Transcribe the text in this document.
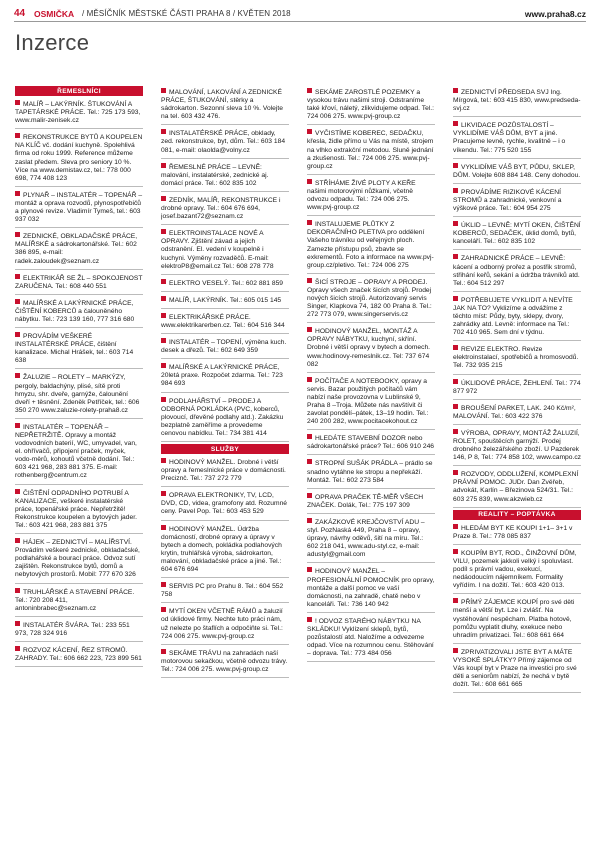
44 OSMIČKA / MĚSÍČNÍK MĚSTSKÉ ČÁSTI PRAHA 8 / KVĚTEN 2018	www.praha8.cz
Inzerce
ŘEMESLNÍCI
MALÍŘ – LAKÝRNÍK. ŠTUKOVÁNÍ A TAPETÁRSKÉ PRÁCE. Tel.: 725 173 593, www.malir-zenisek.cz
REKONSTRUKCE BYTŮ A KOUPELEN NA KLÍČ vč. dodání kuchyně. Spolehlivá firma od roku 1999. Reference můžeme zaslat předem. Sleva pro seniory 10 %. Více na www.demistav.cz, tel.: 778 000 698, 774 408 123
PLYNAŘ – INSTALATÉR – TOPENÁŘ – montáž a oprava rozvodů, plynospotřebičů a plynové revize. Vladimír Tymeš, tel.: 603 937 032
ZEDNICKÉ, OBKLADAČSKÉ PRÁCE, MALÍŘSKÉ a sádrokartonářské. Tel.: 602 386 895, e-mail: radek.zaloudek@seznam.cz
ELEKTRIKÁŘ SE ŽL – SPOKOJENOST ZARUČENA. Tel.: 608 440 551
MALÍŘSKÉ A LAKÝRNICKÉ PRÁCE, ČIŠTĚNÍ KOBERCŮ a čalouněného nábytku. Tel.: 723 139 160, 777 316 680
PROVÁDÍM VEŠKERÉ INSTALATÉRSKÉ PRÁCE, čištění kanalizace. Michal Hrášek, tel.: 603 714 638
ŽALUZIE – ROLETY – MARKÝZY, pergoly, baldachýny, plisé, sítě proti hmyzu, shr. dveře, garnýže, čalounění dveří + těsnění. Zdeněk Petříček, tel.: 606 350 270 www.zaluzie-rolety-praha8.cz
INSTALATÉR – TOPENÁŘ – NEPŘETRŽITĚ. Opravy a montáž vodovodních baterií, WC, umyvadel, van, el. ohřívačů, připojení praček, myček, vodo-měrů, kohoutů včetně dodání. Tel.: 603 421 968, 283 881 375. E-mail: rothenberg@centrum.cz
ČIŠTĚNÍ ODPADNÍHO POTRUBÍ A KANALIZACE, veškeré instalatérské práce, topenářské práce. Nepřetržitě! Rekonstrukce koupelen a bytových jader. Tel.: 603 421 968, 283 881 375
HÁJEK – ZEDNICTVÍ – MALÍŘSTVÍ. Provádím veškeré zednické, obkladačské, podlahářské a bourací práce. Odvoz sutí zajištěn. Rekonstrukce bytů, domů a nebytových prostorů. Mobil: 777 670 326
TRUHLÁŘSKÉ A STAVEBNÍ PRÁCE. Tel.: 720 208 411, antoninbrabec@seznam.cz
INSTALATÉR ŠVÁRA. Tel.: 233 551 973, 728 324 916
ROZVOZ KÁCENÍ, ŘEZ STROMŮ. ZAHRADY. Tel.: 606 662 223, 723 899 561
MALOVÁNÍ, LAKOVÁNÍ A ZEDNICKÉ PRÁCE, ŠTUKOVÁNÍ, stěrky a sádrokarton. Sezonní sleva 10 %. Volejte na tel. 603 432 476.
INSTALATÉRSKÉ PRÁCE, obklady, zed. rekonstrukce, byt, dům. Tel.: 603 184 081, e-mail: olaolda@volny.cz
ŘEMESLNÉ PRÁCE – LEVNĚ: malování, instalatérské, zednické aj. domácí práce. Tel.: 602 835 102
ZEDNÍK, MALÍŘ, REKONSTRUKCE i drobné opravy. Tel.: 604 676 694, josef.bazant72@seznam.cz
ELEKTROINSTALACE NOVÉ A OPRAVY. Zjištění závad a jejich odstranění. El. vedení v koupelně i kuchyni. Výměny rozvaděčů. E-mail: elektroP8@email.cz Tel.: 608 278 778
ELEKTRO VESELÝ. Tel.: 602 881 859
MALÍŘ, LAKÝRNÍK. Tel.: 605 015 145
ELEKTRIKÁŘSKÉ PRÁCE. www.elektrikarerben.cz. Tel.: 604 516 344
INSTALATÉR – TOPENÍ, výměna kuch. desek a dřezů. Tel.: 602 649 359
MALÍŘSKÉ A LAKÝRNICKÉ PRÁCE, 20letá praxe. Rozpočet zdarma. Tel.: 723 984 693
PODLAHÁŘSTVÍ – PRODEJ A ODBORNÁ POKLÁDKA (PVC, koberců, plovoucí, dřevěné podlahy atd.). Zakázku bezplatně zaměříme a provedeme cenovou nabídku. Tel.: 734 381 414
SLUŽBY
HODINOVÝ MANŽEL. Drobné i větší opravy a řemeslnické práce v domácnosti. Preciznč. Tel.: 737 272 779
OPRAVA ELEKTRONIKY, TV, LCD, DVD, CD, videa, gramofony atd. Rozumné ceny. Pavel Pop. Tel.: 603 453 529
HODINOVÝ MANŽEL. Údržba domácností, drobné opravy a úpravy v bytech a domech, pokládka podlahových krytin, truhlářská výroba, sádrokarton, malování, obkladačské práce a jiné. Tel.: 604 676 694
SERVIS PC pro Prahu 8. Tel.: 604 552 758
MYTÍ OKEN VČETNĚ RÁMŮ a žaluzií od úklidové firmy. Nechte tuto práci nám, už nelezte po štaflích a odpočiňte si. Tel.: 724 006 275. www.pvj-group.cz
SEKÁME TRÁVU na zahradách naší motorovou sekačkou, včetně odvozu trávy. Tel.: 724 006 275. www.pvj-group.cz
SEKÁME ZAROSTLÉ POZEMKY a vysokou trávu našimi stroji. Odstraníme také křoví, náletý, zlikvidujeme odpad. Tel.: 724 006 275. www.pvj-group.cz
VYČISTÍME KOBEREC, SEDAČKU, křesla, židle přímo u Vás na místě, strojem na vlhko extrakční metodou. Sluně jednání a zkušenosti. Tel.: 724 006 275. www.pvj-group.cz
STŘÍHÁME ŽIVÉ PLOTY A KEŘE našimi motorovými nůžkami, včetně odvozu odpadu. Tel.: 724 006 275. www.pvj-group.cz
INSTALUJEME PLŮTKY Z DEKORAČNÍHO PLETIVA pro oddělení Vašeho trávníku od veřejných ploch. Zamezte přístupu psů, zbavte se exkrementů. Foto a informace na www.pvj-group.cz/pletivo. Tel.: 724 006 275
ŠICÍ STROJE – OPRAVY A PRODEJ. Opravy všech značek šicích strojů. Prodej nových šicích strojů. Autorizovaný servis Singer, Klapkova 74, 182 00 Praha 8. Tel.: 272 773 079, www.singerservis.cz
HODINOVÝ MANŽEL, MONTÁŽ A OPRAVY NÁBYTKU, kuchyní, skříní. Drobné i větší opravy v bytech a domech. www.hodinovy-remeslnik.cz. Tel: 737 674 082
POČÍTAČE A NOTEBOOKY, opravy a servis. Bazar použitých počítačů vám nabízí naše provozovna v Lublinské 9, Praha 8 –Troja. Můžete nás navštívit či zavolat pondělí–pátek, 13–19 hodin. Tel.: 240 200 282, www.pocitacekohout.cz
HLEDÁTE STAVEBNÍ DOZOR nebo sádrokartonářské práce? Tel.: 606 910 246
STROPNÍ SUŠÁK PRÁDLA – prádlo se snadno vytáhne ke stropu a nepřekáží. Montáž. Tel.: 602 273 584
OPRAVA PRAČEK TĚ-MĚŘ VŠECH ZNAČEK. Dolák, Tel.: 775 197 309
ZAKÁZKOVÉ KREJČOVSTVÍ ADU – styl. PozNaská 449, Praha 8 – opravy, úpravy, návrhy oděvů, šití na míru. Tel.: 602 218 041, www.adu-styl.cz, e-mail: adustyl@gmail.com
HODINOVÝ MANŽEL – PROFESIONÁLNÍ POMOCNÍK pro opravy, montáže a další pomoc ve vaší domácnosti, na zahradě, chatě nebo v kanceláři. Tel.: 736 140 942
! ODVOZ STARÉHO NÁBYTKU NA SKLÁDKU! Vyklízení sklepů, bytů, pozůstalostí atd. Naložíme a odvezeme odpad. Více na rozumnou cenu. Stěhování – doprava. Tel.: 773 484 056
ZEDNICTVÍ PŘEDSEDA SVJ Ing. Mírgová, tel.: 603 415 830, www.predseda-svj.cz
LIKVIDACE POZŮSTALOSTÍ – VYKLIDÍME VÁŠ DŮM, BYT a jiné. Pracujeme levně, rychle, kvalitně – i o víkendu. Tel.: 775 520 155
VYKLIDÍME VÁŠ BYT, PŮDU, SKLEP, DŮM. Volejte 608 884 148. Ceny dohodou.
PROVÁDÍME RIZIKOVÉ KÁCENÍ STROMŮ a zahradnické, venkovní a výškové práce. Tel.: 604 954 275
ÚKLID – LEVNĚ: MYTÍ OKEN, ČIŠTĚNÍ KOBERCŮ, SEDAČEK, úklid domů, bytů, kanceláří. Tel.: 602 835 102
ZAHRADNICKÉ PRÁCE – LEVNĚ: kácení a odborný prořez a postřik stromů, střihání keřů, sekání a údržba trávníků atd. Tel.: 604 512 297
POTŘEBUJETE VYKLIDIT A NEVÍTE JAK NA TO? Vyklizíme a odvážíme z těchto míst: Půdy, byty, sklepy, dvory, zahrádky atd. Levně: informace na Tel.: 702 410 965. Sem dní v týdnu.
REVIZE ELEKTRO. Revize elektroinstalací, spotřebičů a hromosvodů. Tel. 732 935 215
ÚKLIDOVÉ PRÁCE, ŽEHLENÍ. Tel.: 774 877 972
BROUŠENÍ PARKET, LAK. 240 Kč/m², MALOVÁNÍ. Tel.: 603 422 376
VÝROBA, OPRAVY, MONTÁŽ ŽALUZIÍ, ROLET, spouštěcích garnýží. Prodej drobného železářského zboží. U Pazderek 146, P 8, Tel.: 774 858 102, www.campo.cz
ROZVODY, ODDLUŽENÍ, KOMPLEXNÍ PRÁVNÍ POMOC. JUDr. Dan Zvěřeb, advokát, Karlín – Březinova 524/31. Tel.: 603 275 839, www.akzwieb.cz
REALITY – POPTÁVKA
HLEDÁM BYT KE KOUPI 1+1– 3+1 v Praze 8. Tel.: 778 085 837
KOUPÍM BYT, ROD., ČINŽOVNÍ DŮM, VILU, pozemek jakkoli velký i spoluvlast. podíl s právní vadou, exekucí, nedáodoucím nájemníkem. Formality vyřídím. I na dožití. Tel.: 603 420 013.
PŘÍMÝ ZÁJEMCE KOUPÍ pro své děti menší a větší byt. Lze i zvlášť. Na vystěhování nespěcham. Platba hotově, pomůžu vyplatit dluhy, exekuce nebo uhradím privatizaci. Tel.: 608 661 664
ZPRIVATIZOVALI JSTE BYT A MÁTE VYSOKÉ SPLÁTKY? Přímý zájemce od Vás koupí byt v Praze na investici pro své děti a seniorům nabízí, že nechá v bytě dožít. Tel.: 608 661 665
